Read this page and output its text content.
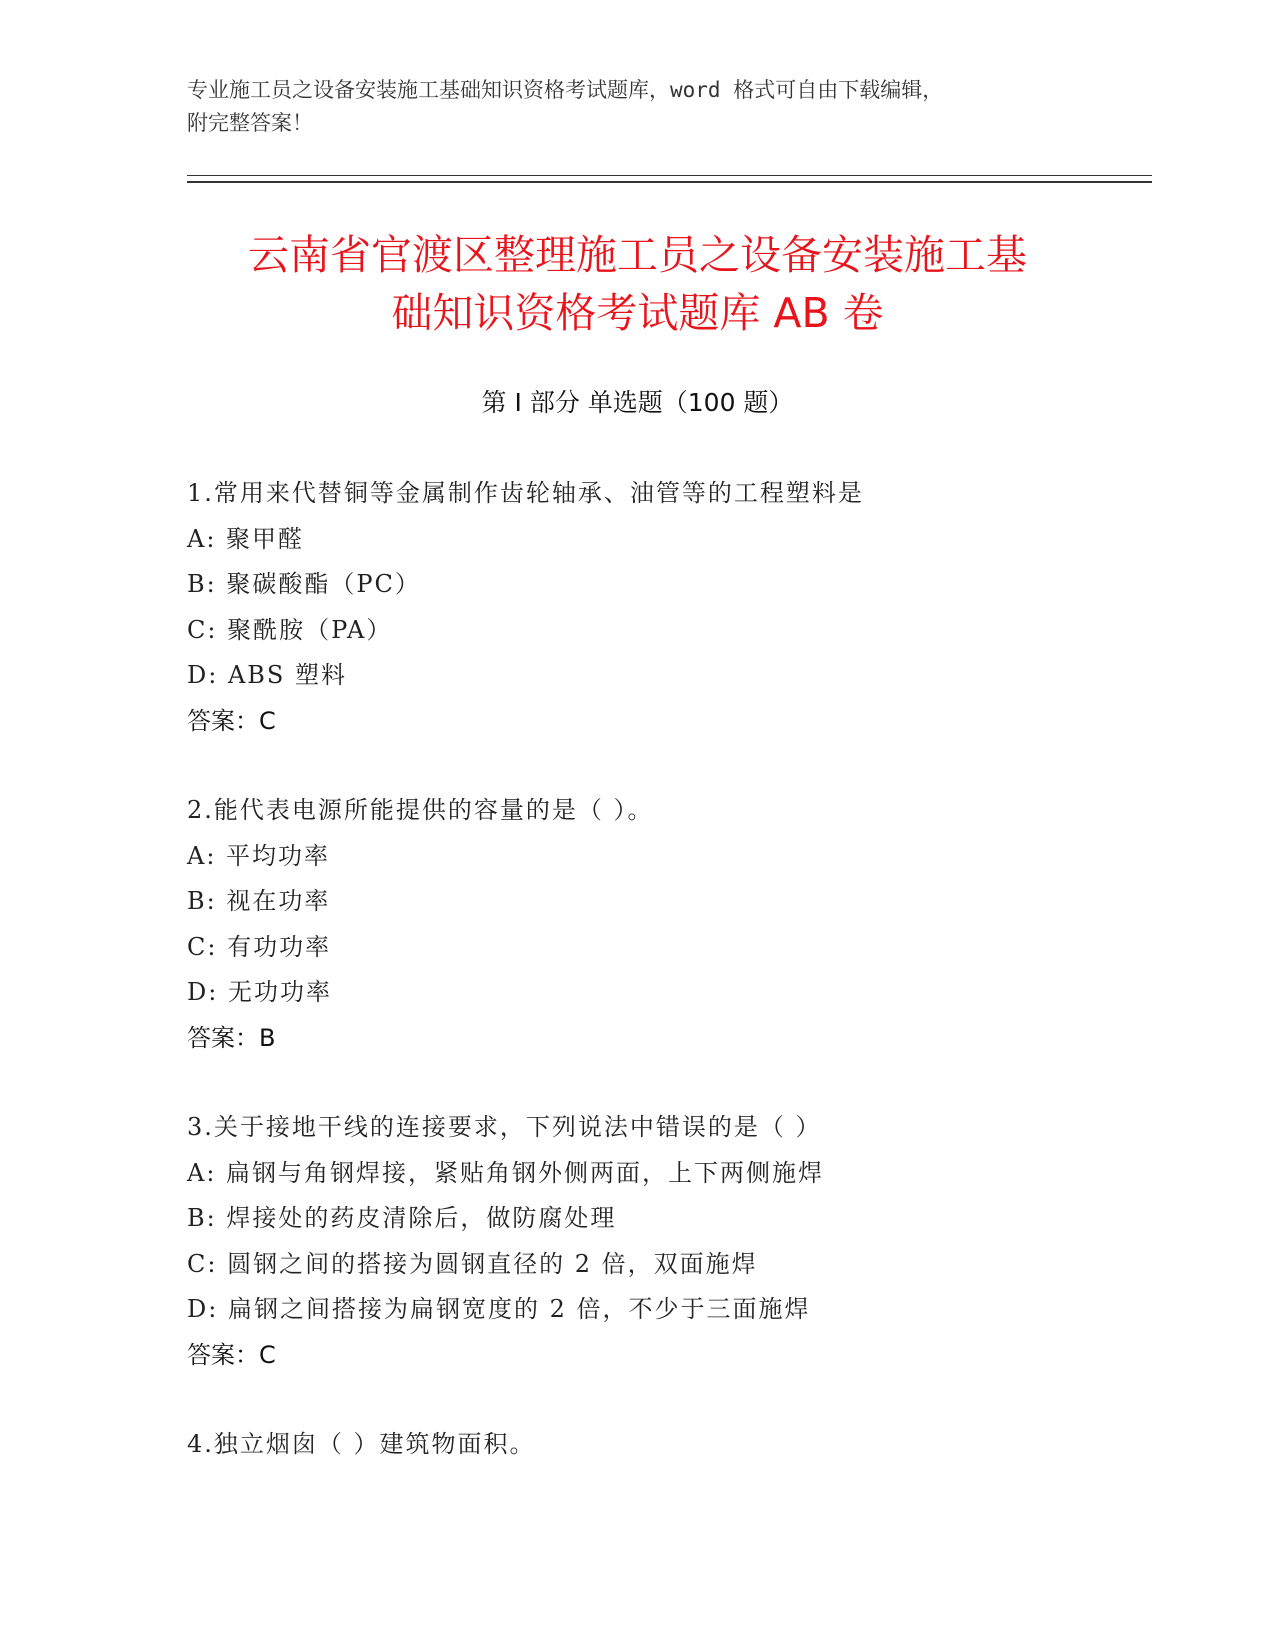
专业施工员之设备安装施工基础知识资格考试题库，word 格式可自由下载编辑，
附完整答案！
云南省官渡区整理施工员之设备安装施工基
础知识资格考试题库 AB 卷
第 I 部分 单选题（100 题）
1.常用来代替铜等金属制作齿轮轴承、油管等的工程塑料是
A: 聚甲醛
B: 聚碳酸酯（PC）
C: 聚酰胺（PA）
D: ABS 塑料
答案：C
2.能代表电源所能提供的容量的是（ ）。
A: 平均功率
B: 视在功率
C: 有功功率
D: 无功功率
答案：B
3.关于接地干线的连接要求，下列说法中错误的是（ ）
A: 扁钢与角钢焊接，紧贴角钢外侧两面，上下两侧施焊
B: 焊接处的药皮清除后，做防腐处理
C: 圆钢之间的搭接为圆钢直径的 2 倍，双面施焊
D: 扁钢之间搭接为扁钢宽度的 2 倍，不少于三面施焊
答案：C
4.独立烟囱（ ）建筑物面积。
